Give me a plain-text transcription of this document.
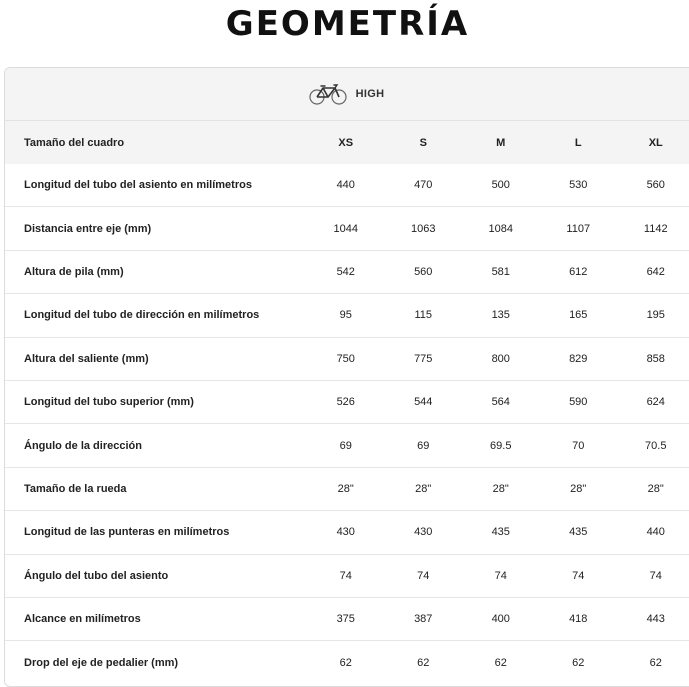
GEOMETRÍA
HIGH
Tamaño del cuadro	XS	S	M	L	XL
Longitud del tubo del asiento en milímetros	440	470	500	530	560
Distancia entre eje (mm)	1044	1063	1084	1107	1142
Altura de pila (mm)	542	560	581	612	642
Longitud del tubo de dirección en milímetros	95	115	135	165	195
Altura del saliente (mm)	750	775	800	829	858
Longitud del tubo superior (mm)	526	544	564	590	624
Ángulo de la dirección	69	69	69.5	70	70.5
Tamaño de la rueda	28"	28"	28"	28"	28"
Longitud de las punteras en milímetros	430	430	435	435	440
Ángulo del tubo del asiento	74	74	74	74	74
Alcance en milímetros	375	387	400	418	443
Drop del eje de pedalier (mm)	62	62	62	62	62
